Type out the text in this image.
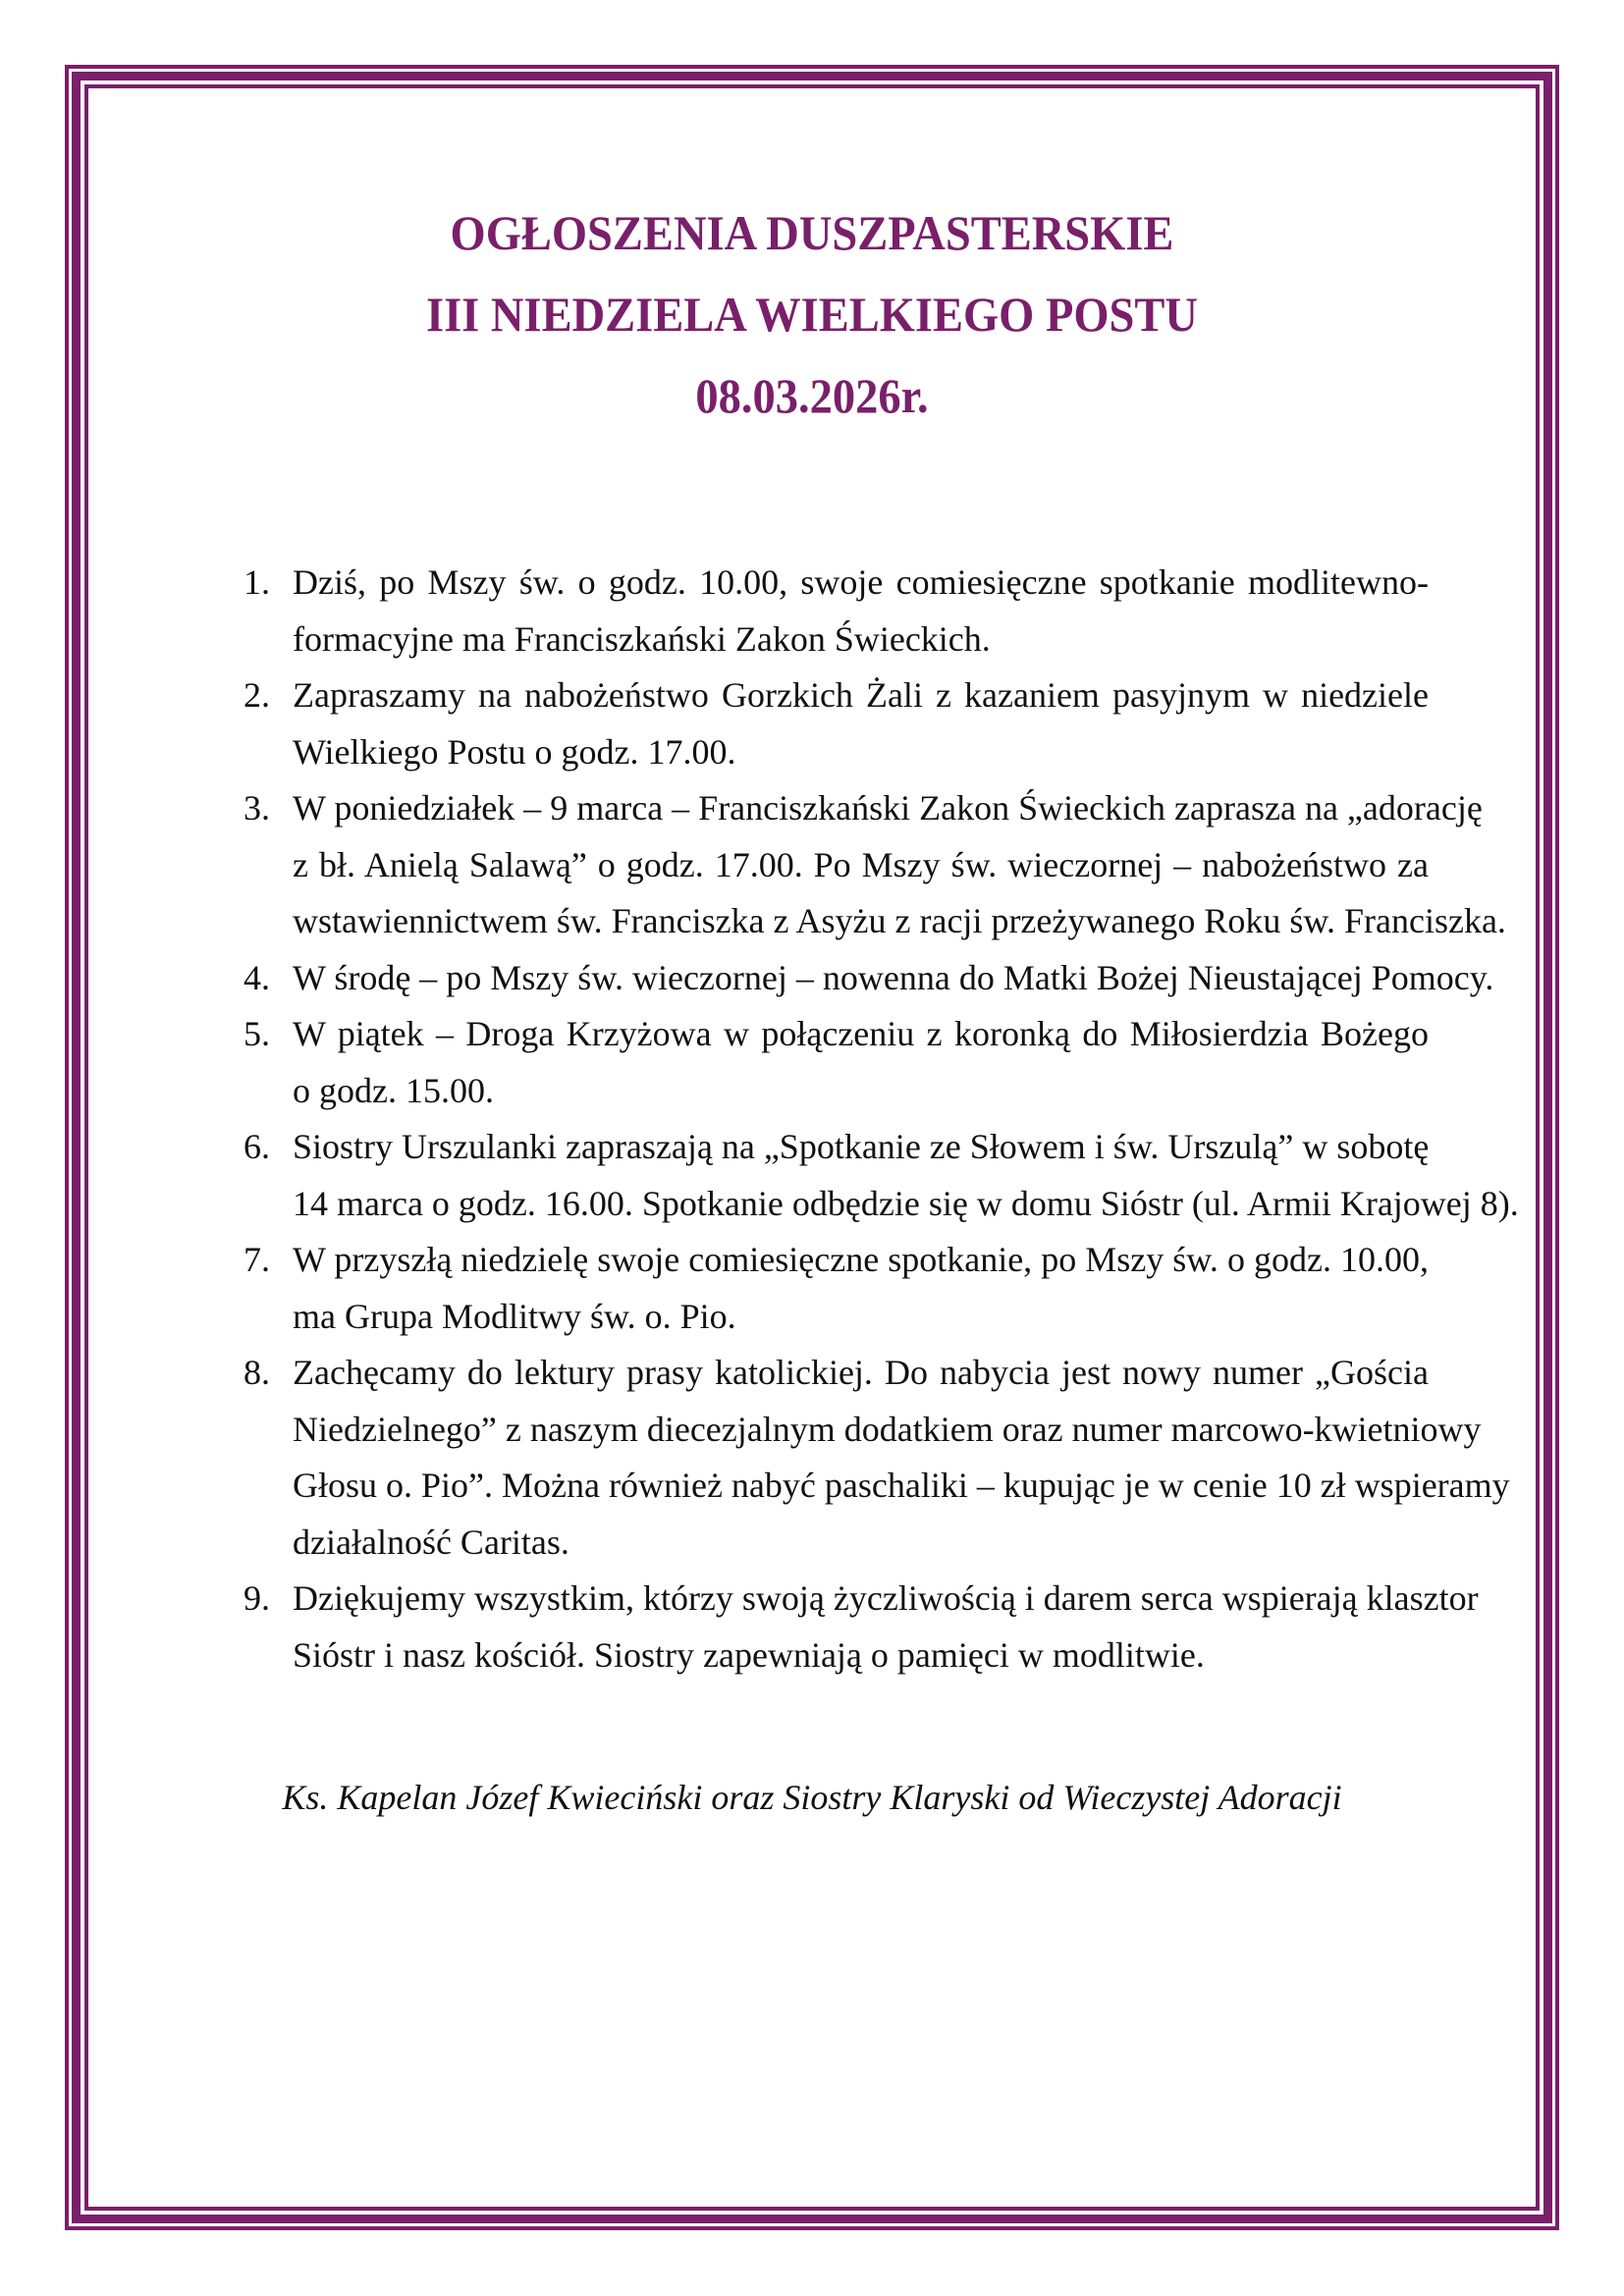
OGŁOSZENIA DUSZPASTERSKIE
III NIEDZIELA WIELKIEGO POSTU
08.03.2026r.
1. Dziś, po Mszy św. o godz. 10.00, swoje comiesięczne spotkanie modlitewno-
formacyjne ma Franciszkański Zakon Świeckich.
2. Zapraszamy na nabożeństwo Gorzkich Żali z kazaniem pasyjnym w niedziele
Wielkiego Postu o godz. 17.00.
3. W poniedziałek – 9 marca – Franciszkański Zakon Świeckich zaprasza na „adorację
z bł. Anielą Salawą” o godz. 17.00. Po Mszy św. wieczornej – nabożeństwo za
wstawiennictwem św. Franciszka z Asyżu z racji przeżywanego Roku św. Franciszka.
4. W środę – po Mszy św. wieczornej – nowenna do Matki Bożej Nieustającej Pomocy.
5. W piątek – Droga Krzyżowa w połączeniu z koronką do Miłosierdzia Bożego
o godz. 15.00.
6. Siostry Urszulanki zapraszają na „Spotkanie ze Słowem i św. Urszulą” w sobotę
14 marca o godz. 16.00. Spotkanie odbędzie się w domu Sióstr (ul. Armii Krajowej 8).
7. W przyszłą niedzielę swoje comiesięczne spotkanie, po Mszy św. o godz. 10.00,
ma Grupa Modlitwy św. o. Pio.
8. Zachęcamy do lektury prasy katolickiej. Do nabycia jest nowy numer „Gościa
Niedzielnego” z naszym diecezjalnym dodatkiem oraz numer marcowo-kwietniowy
Głosu o. Pio”. Można również nabyć paschaliki – kupując je w cenie 10 zł wspieramy
działalność Caritas.
9. Dziękujemy wszystkim, którzy swoją życzliwością i darem serca wspierają klasztor
Sióstr i nasz kościół. Siostry zapewniają o pamięci w modlitwie.
Ks. Kapelan Józef Kwieciński oraz Siostry Klaryski od Wieczystej Adoracji
